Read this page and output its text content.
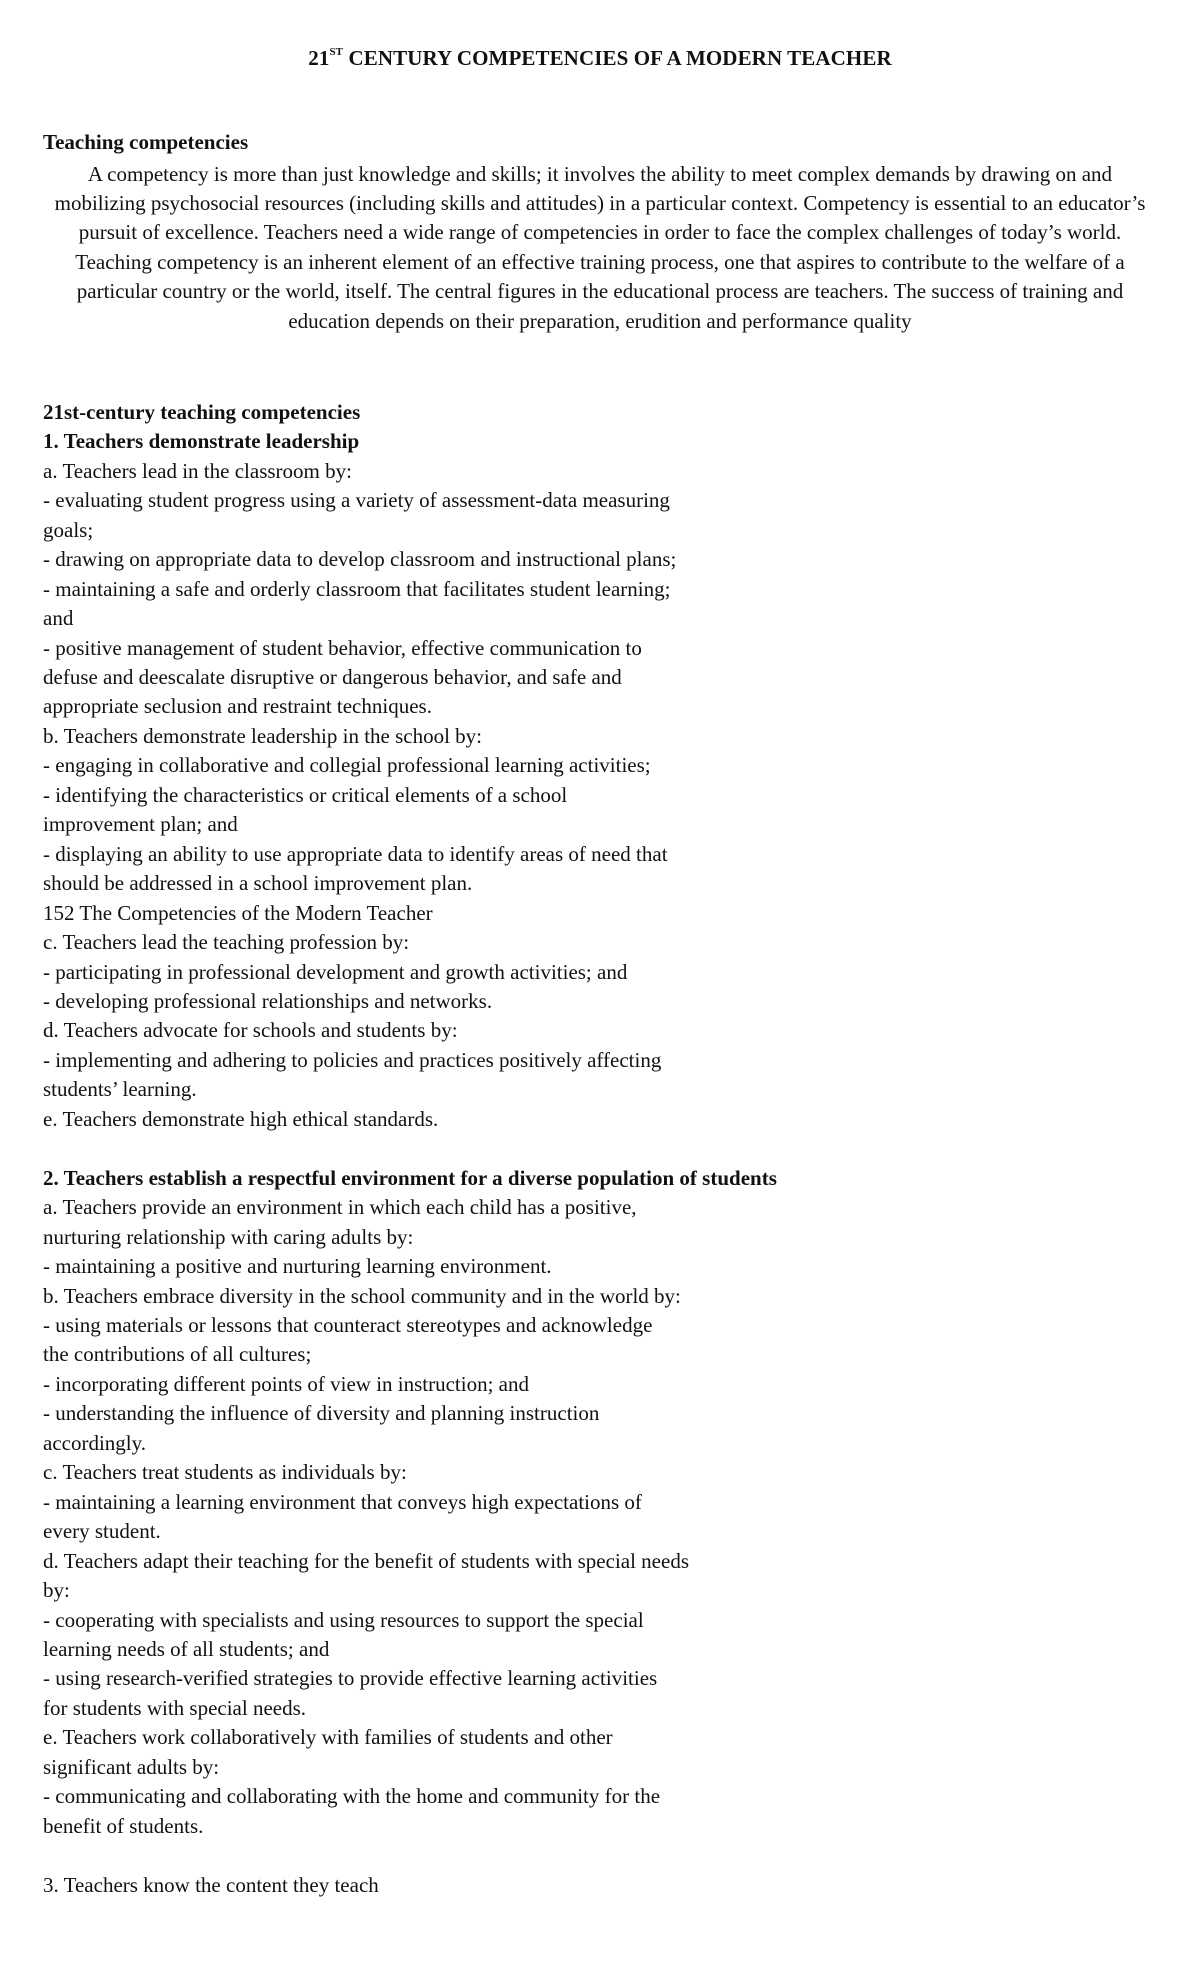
21ST CENTURY COMPETENCIES OF A MODERN TEACHER
Teaching competencies

A competency is more than just knowledge and skills; it involves the ability to meet complex demands by drawing on and mobilizing psychosocial resources (including skills and attitudes) in a particular context. Competency is essential to an educator’s pursuit of excellence. Teachers need a wide range of competencies in order to face the complex challenges of today’s world. Teaching competency is an inherent element of an effective training process, one that aspires to contribute to the welfare of a particular country or the world, itself. The central figures in the educational process are teachers. The success of training and education depends on their preparation, erudition and performance quality

21st-century teaching competencies
1. Teachers demonstrate leadership
a. Teachers lead in the classroom by:
- evaluating student progress using a variety of assessment-data measuring
goals;
- drawing on appropriate data to develop classroom and instructional plans;
- maintaining a safe and orderly classroom that facilitates student learning;
and
- positive management of student behavior, effective communication to
defuse and deescalate disruptive or dangerous behavior, and safe and
appropriate seclusion and restraint techniques.
b. Teachers demonstrate leadership in the school by:
- engaging in collaborative and collegial professional learning activities;
- identifying the characteristics or critical elements of a school
improvement plan; and
- displaying an ability to use appropriate data to identify areas of need that
should be addressed in a school improvement plan.
152 The Competencies of the Modern Teacher
c. Teachers lead the teaching profession by:
- participating in professional development and growth activities; and
- developing professional relationships and networks.
d. Teachers advocate for schools and students by:
- implementing and adhering to policies and practices positively affecting
students’ learning.
e. Teachers demonstrate high ethical standards.
2. Teachers establish a respectful environment for a diverse population of students
a. Teachers provide an environment in which each child has a positive,
nurturing relationship with caring adults by:
- maintaining a positive and nurturing learning environment.
b. Teachers embrace diversity in the school community and in the world by:
- using materials or lessons that counteract stereotypes and acknowledge
the contributions of all cultures;
- incorporating different points of view in instruction; and
- understanding the influence of diversity and planning instruction
accordingly.
c. Teachers treat students as individuals by:
- maintaining a learning environment that conveys high expectations of
every student.
d. Teachers adapt their teaching for the benefit of students with special needs
by:
- cooperating with specialists and using resources to support the special
learning needs of all students; and
- using research-verified strategies to provide effective learning activities
for students with special needs.
e. Teachers work collaboratively with families of students and other
significant adults by:
- communicating and collaborating with the home and community for the
benefit of students.
3. Teachers know the content they teach
